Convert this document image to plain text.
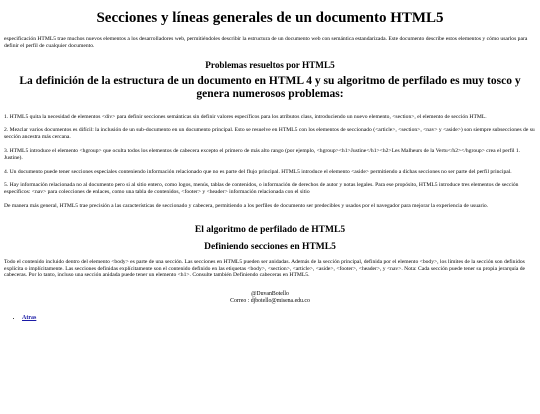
Secciones y líneas generales de un documento HTML5

especificación HTML5 trae muchos nuevos elementos a los desarrolladores web, permitiéndoles describir la estructura de un documento web con semántica estandarizada. Este documento describe estos elementos y cómo usarlos para definir el perfil de cualquier documento.

Problemas resueltos por HTML5
La definición de la estructura de un documento en HTML 4 y su algoritmo de perfilado es muy tosco y genera numerosos problemas:

1. HTML5 quita la necesidad de elementos <div> para definir secciones semánticas sin definir valores específicos para los atributos class, introduciendo un nuevo elemento, <section>, el elemento de sección HTML.

2. Mezclar varios documentos es difícil: la inclusión de un sub-documento en un documento principal. Esto se resuelve en HTML5 con los elementos de seccionado (<article>, <section>, <nav> y <aside>) son siempre subsecciones de su sección ancestra más cercana.

3. HTML5 introduce el elemento <hgroup> que oculta todos los elementos de cabecera excepto el primero de más alto rango (por ejemplo, <hgroup><h1>Justine</h1><h2>Les Malheurs de la Vertu</h2></hgroup> crea el perfil 1. Justine).

4. Un documento puede tener secciones especiales conteniendo información relacionado que no es parte del flujo principal. HTML5 introduce el elemento <aside> permitiendo a dichas secciones no ser parte del perfil principal.

5. Hay información relacionada no al documento pero si al sitio entero, como logos, menús, tablas de contenidos, o información de derechos de autor y notas legales. Para ese propósito, HTML5 introduce tres elementos de sección específicos: <nav> para colecciones de enlaces, como una tabla de contenidos, <footer> y <header> información relacionada con el sitio

De manera más general, HTML5 trae precisión a las características de seccionado y cabecera, permitiendo a los perfiles de documento ser predecibles y usados por el navegador para mejorar la experiencia de usuario.

El algoritmo de perfilado de HTML5
Definiendo secciones en HTML5

Todo el contenido incluido dentro del elemento <body> es parte de una sección. Las secciones en HTML5 pueden ser anidadas. Además de la sección principal, definida por el elemento <body>, los límites de la sección son definidos explícita o implícitamente. Las secciones definidas explícitamente son el contenido definido en las etiquetas <body>, <section>, <article>, <aside>, <footer>, <header>, y <nav>. Nota: Cada sección puede tener su propia jerarquía de cabeceras. Por lo tanto, incluso una sección anidada puede tener un elemento <h1>. Consulte también Definiendo cabeceras en HTML5.

@DuvanBotello
Correo : djbotello@misena.edu.co
• Atras
